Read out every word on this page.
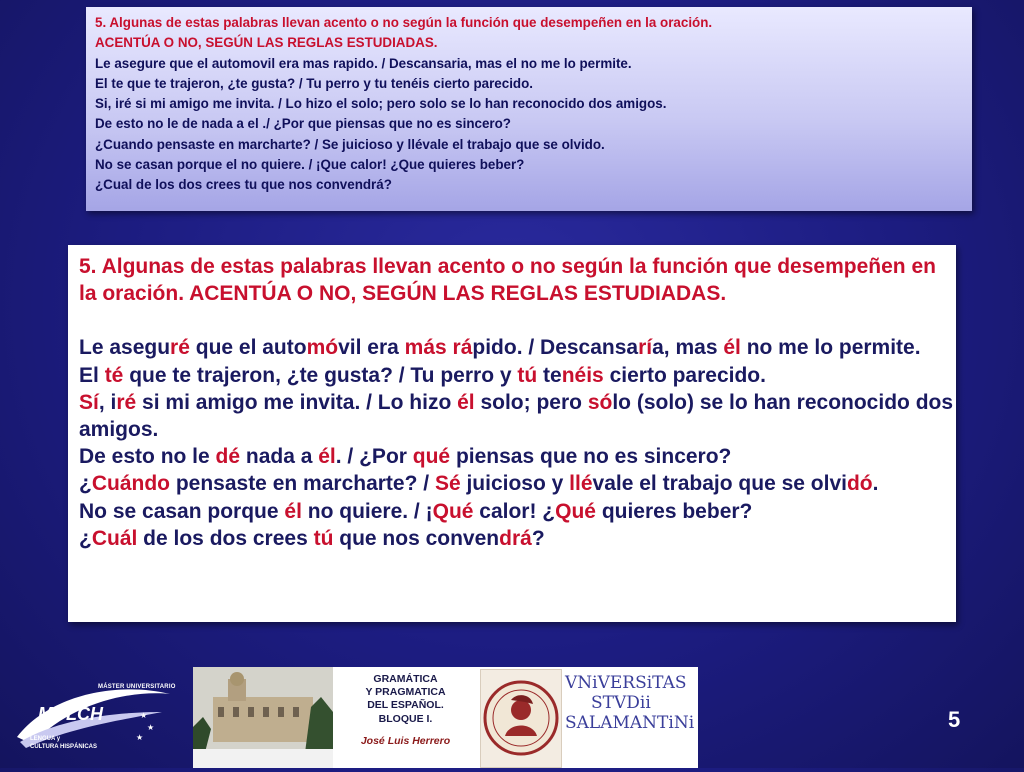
5. Algunas de estas palabras llevan acento o no según la función que desempeñen en la oración.

ACENTÚA O NO, SEGÚN LAS REGLAS ESTUDIADAS.

Le asegure que el automovil era mas rapido. / Descansaria, mas el no me lo permite.

El te que te trajeron, ¿te gusta? / Tu perro y tu tenéis cierto parecido.

Si, iré si mi amigo me invita. / Lo hizo el solo; pero solo se lo han reconocido dos amigos.

De esto no le de nada a el ./ ¿Por que piensas que no es sincero?

¿Cuando pensaste en marcharte? / Se juicioso y llévale el trabajo que se olvido.

No se casan porque el no quiere. / ¡Que calor! ¿Que quieres beber?

¿Cual de los dos crees tu que nos convendrá?

5. Algunas de estas palabras llevan acento o no según la función que desempeñen en la oración. ACENTÚA O NO, SEGÚN LAS REGLAS ESTUDIADAS.

Le aseguré que el automóvil era más rápido. / Descansaría, mas él no me lo permite.

El té que te trajeron, ¿te gusta? / Tu perro y tú tenéis cierto parecido.

Sí, iré si mi amigo me invita. / Lo hizo él solo; pero sólo (solo) se lo han reconocido dos amigos.

De esto no le dé nada a él. / ¿Por qué piensas que no es sincero?

¿Cuándo pensaste en marcharte? / Sé juicioso y llévale el trabajo que se olvidó.

No se casan porque él no quiere. / ¡Qué calor! ¿Qué quieres beber?

¿Cuál de los dos crees tú que nos convendrá?

★
★
★
MÁSTER UNIVERSITARIO
MULCH
LENGUA y
CULTURA HISPÁNICAS
GRAMÁTICA
Y PRAGMATICA
DEL ESPAÑOL.
BLOQUE I.
José Luis Herrero
VNiVERSiTAS
STVDii
SALAMANTiNi	5
